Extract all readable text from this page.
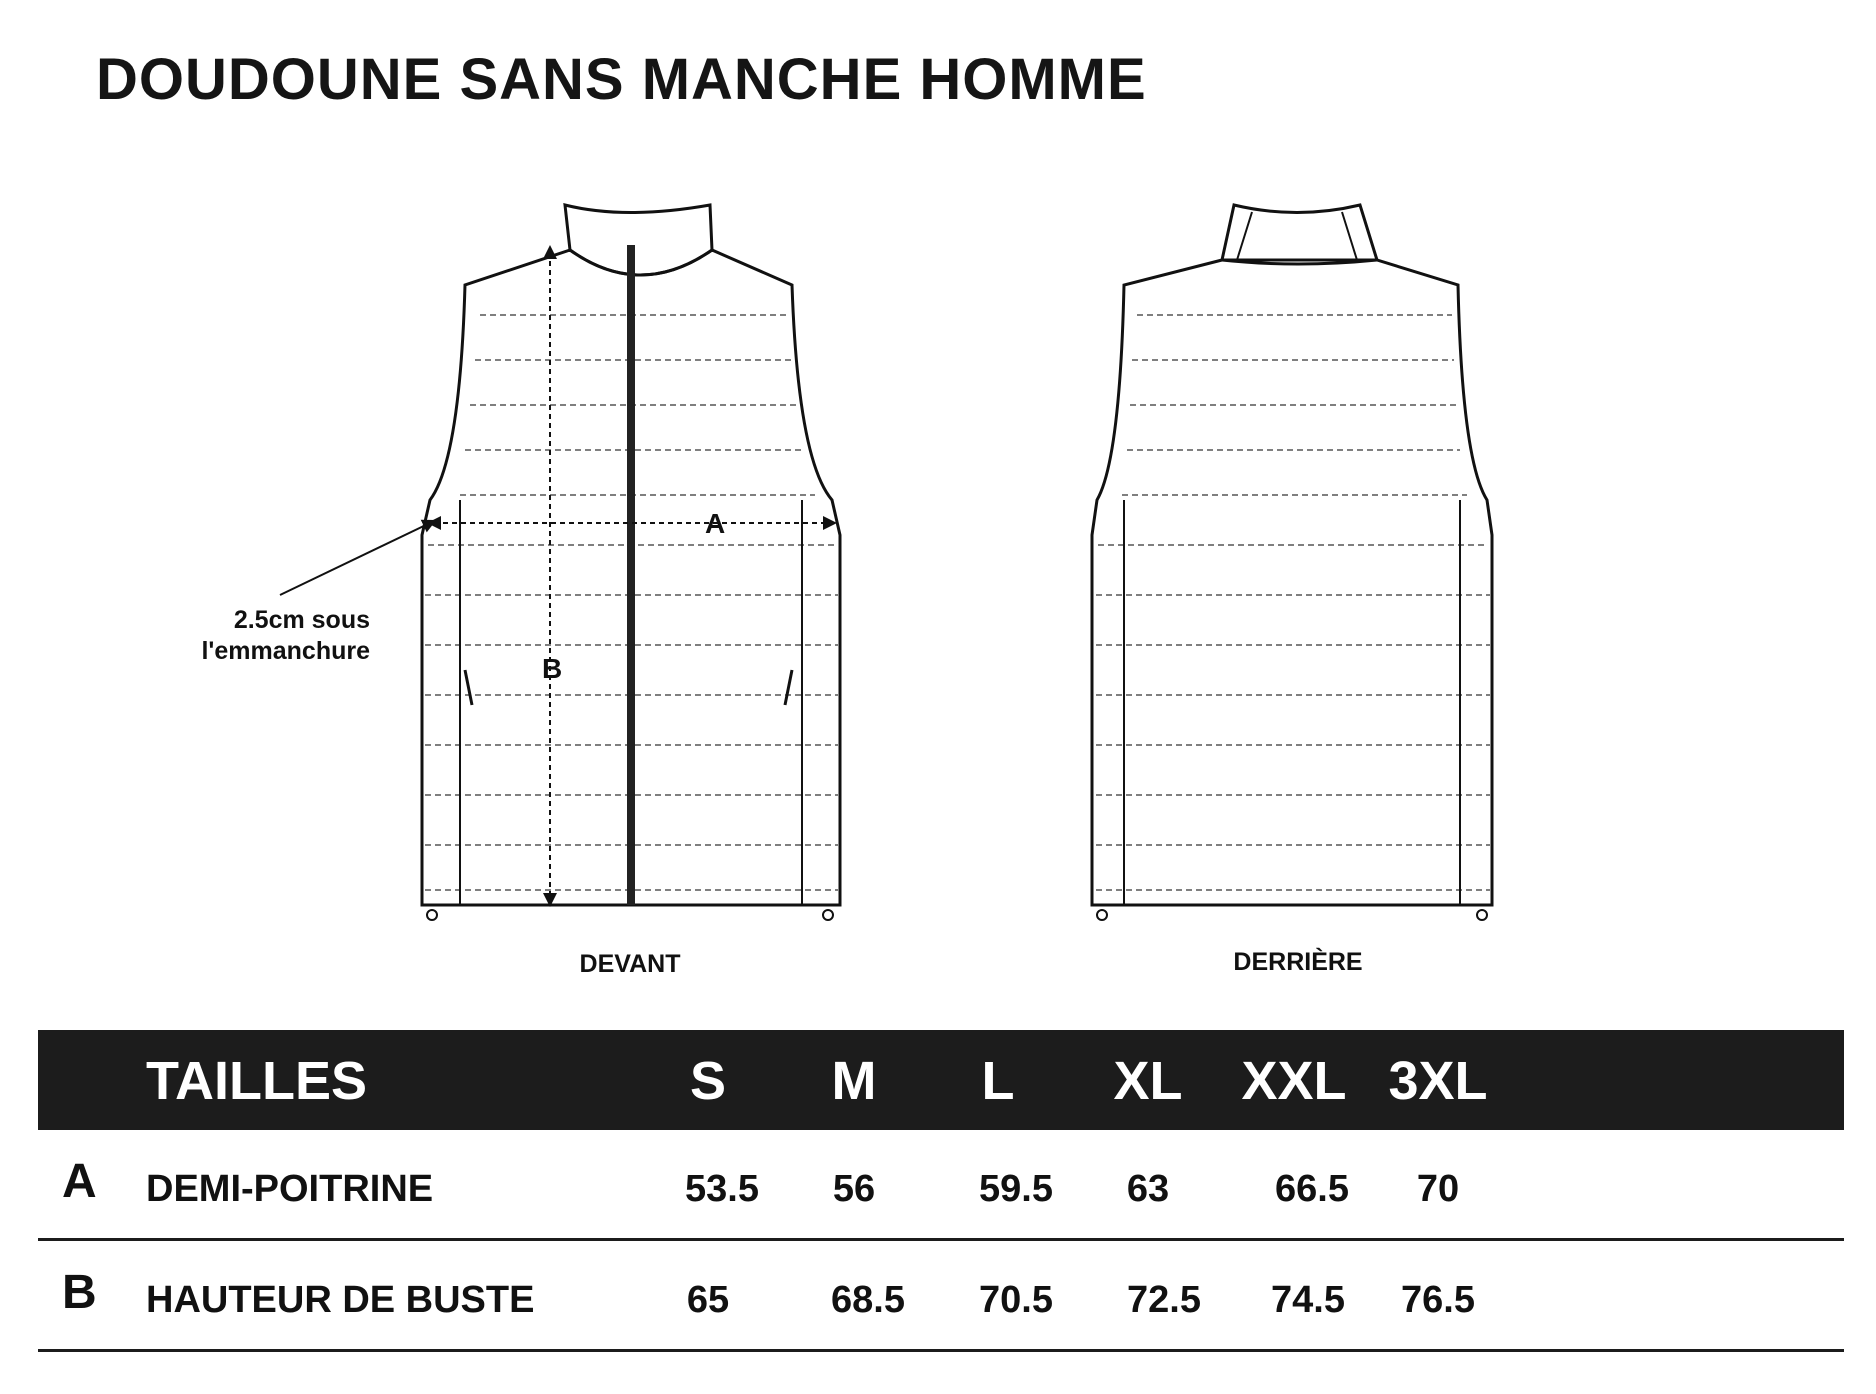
DOUDOUNE SANS MANCHE HOMME
A
B
2.5cm sous
l'emmanchure
DEVANT	DERRIÈRE
TAILLES	S	M	L	XL	XXL 3XL
A DEMI-POITRINE	53.5	56	59.5	63	66.5	70
B HAUTEUR DE BUSTE	65	68.5	70.5	72.5	74.5	76.5
